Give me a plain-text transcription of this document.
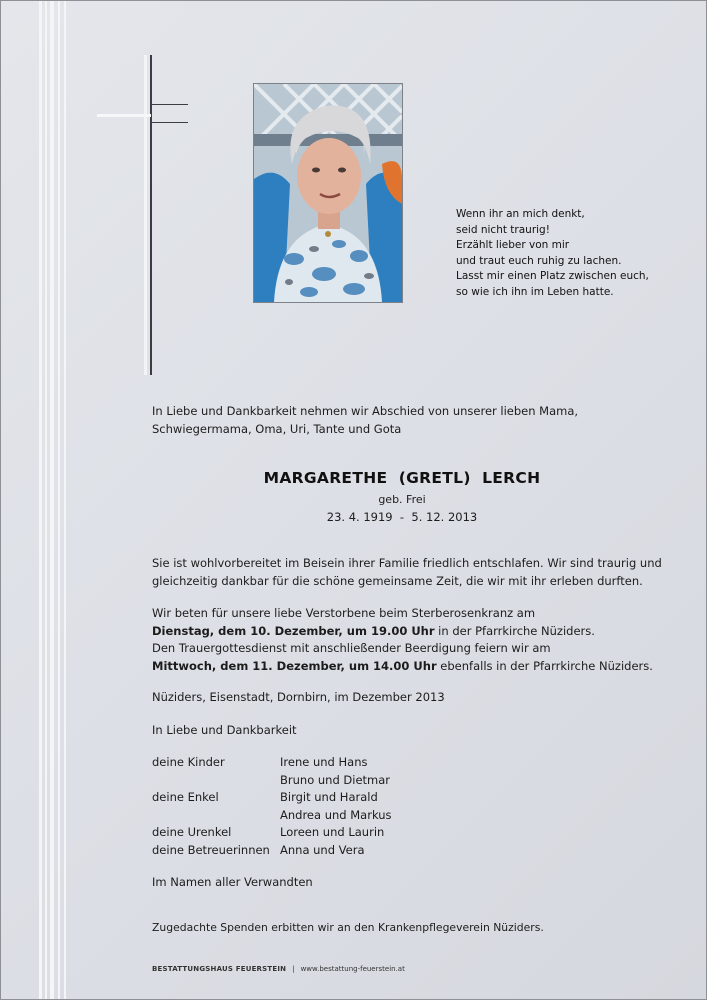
Wenn ihr an mich denkt,
seid nicht traurig!
Erzählt lieber von mir
und traut euch ruhig zu lachen.
Lasst mir einen Platz zwischen euch,
so wie ich ihn im Leben hatte.
In Liebe und Dankbarkeit nehmen wir Abschied von unserer lieben Mama, Schwiegermama, Oma, Uri, Tante und Gota
MARGARETHE  (GRETL)  LERCH
geb. Frei
23. 4. 1919  -  5. 12. 2013
Sie ist wohlvorbereitet im Beisein ihrer Familie friedlich entschlafen. Wir sind traurig und gleichzeitig dankbar für die schöne gemeinsame Zeit, die wir mit ihr erleben durften.
Wir beten für unsere liebe Verstorbene beim Sterberosenkranz am
Dienstag, dem 10. Dezember, um 19.00 Uhr in der Pfarrkirche Nüziders.
Den Trauergottesdienst mit anschließender Beerdigung feiern wir am
Mittwoch, dem 11. Dezember, um 14.00 Uhr ebenfalls in der Pfarrkirche Nüziders.
Nüziders, Eisenstadt, Dornbirn, im Dezember 2013
In Liebe und Dankbarkeit
deine Kinder	Irene und Hans
Bruno und Dietmar
deine Enkel	Birgit und Harald
Andrea und Markus
deine Urenkel	Loreen und Laurin
deine Betreuerinnen Anna und Vera
Im Namen aller Verwandten
Zugedachte Spenden erbitten wir an den Krankenpflegeverein Nüziders.
BESTATTUNGSHAUS FEUERSTEIN | www.bestattung-feuerstein.at
